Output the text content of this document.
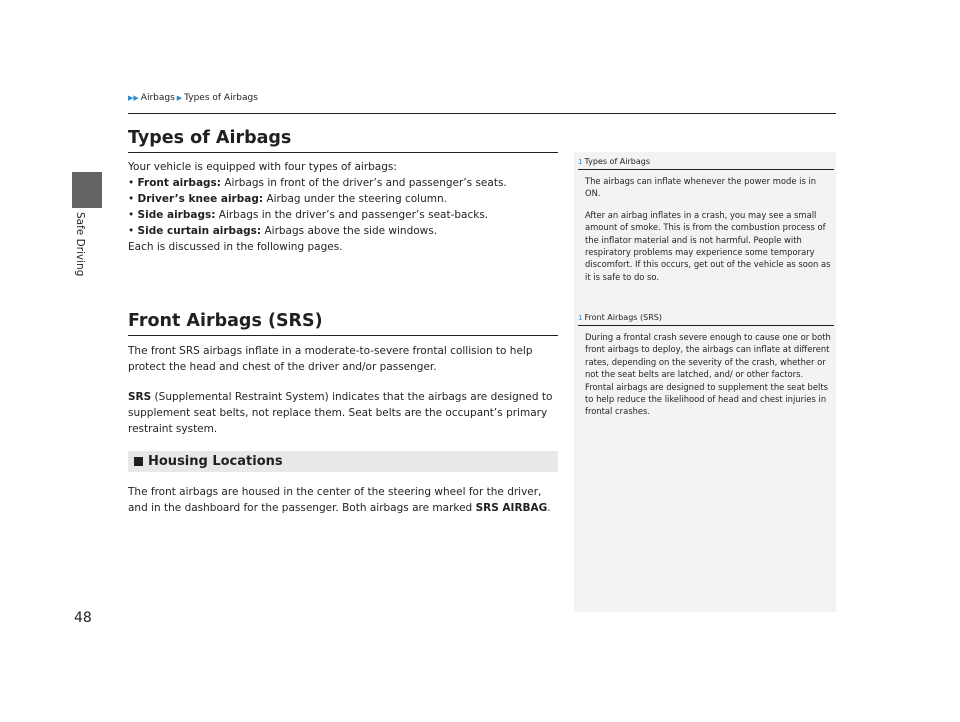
Safe Driving
48
▶▶ Airbags ▶ Types of Airbags
Types of Airbags
Your vehicle is equipped with four types of airbags:
• Front airbags: Airbags in front of the driver’s and passenger’s seats.
• Driver’s knee airbag: Airbag under the steering column.
• Side airbags: Airbags in the driver’s and passenger’s seat-backs.
• Side curtain airbags: Airbags above the side windows.
Each is discussed in the following pages.
Front Airbags (SRS)
The front SRS airbags inflate in a moderate-to-severe frontal collision to help protect the head and chest of the driver and/or passenger.
SRS (Supplemental Restraint System) indicates that the airbags are designed to supplement seat belts, not replace them. Seat belts are the occupant’s primary restraint system.
Housing Locations
The front airbags are housed in the center of the steering wheel for the driver, and in the dashboard for the passenger. Both airbags are marked SRS AIRBAG.
1 Types of Airbags

The airbags can inflate whenever the power mode is in ON.

After an airbag inflates in a crash, you may see a small amount of smoke. This is from the combustion process of the inflator material and is not harmful. People with respiratory problems may experience some temporary discomfort. If this occurs, get out of the vehicle as soon as it is safe to do so.

1 Front Airbags (SRS)

During a frontal crash severe enough to cause one or both front airbags to deploy, the airbags can inflate at different rates, depending on the severity of the crash, whether or not the seat belts are latched, and/ or other factors. Frontal airbags are designed to supplement the seat belts to help reduce the likelihood of head and chest injuries in frontal crashes.
